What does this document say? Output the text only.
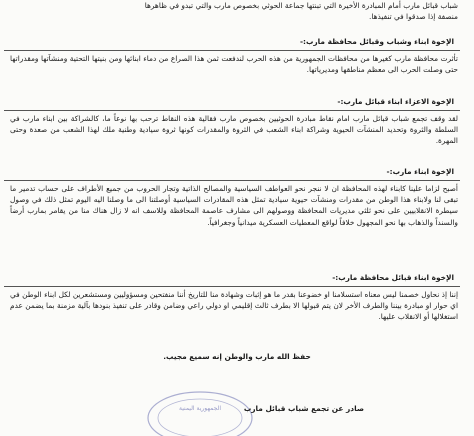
شباب قبائل مارب أمام المبادرة الأخيرة التي تبنتها جماعة الحوثي بخصوص مارب والتي تبدو في ظاهرها

منصفة إذا صدقوا في تنفيذها.

الإخوة ابناء وشباب وقبائل محافظة مارب:-

تأثرت محافظة مارب كغيرها من محافظات الجمهورية من هذه الحرب لندفعت ثمن هذا الصراع من دماء ابنائها ومن بنيتها التحتية ومنشآتها ومقدراتها حتى وصلت الحرب الى معظم مناطقها ومديرياتها.

الإخوة الاعزاء ابناء قبائل مارب:-

لقد وقف تجمع شباب قبائل مارب امام نقاط مبادرة الحوثيين بخصوص مارب فقالية هذه النقاط ترحب بها نوعاً ما، كالشراكة بين ابناء مارب في السلطة والثروة وتحديد المنشآت الحيوية وشراكة ابناء الشعب في الثروة والمقدرات كونها ثروة سيادية وطنية ملك لهذا الشعب من صعدة وحتى المهرة.

الإخوة ابناء مارب:-

أصبح لزاما علينا كابناء لهذه المحافظة ان لا ننجر نحو العواطف السياسية والمصالح الذاتية وتجار الحروب من جميع الأطراف على حساب تدمير ما تبقى لنا ولابناء هذا الوطن من مقدرات ومنشآت حيوية سيادية تمثل هذه المقادرات السياسية أوصلتنا الى ما وصلنا اليه اليوم تمثل ذلك في وصول سيطرة الانقلابيين على نحو ثلثي مديريات المحافظة ووصولهم الى مشارف عاصمة المحافظة وللاسف انه لا زال هناك منا من يقامر بمارب أرضاً والسنداً والذهاب بها نحو المجهول خلافاً لواقع المعطيات العسكرية ميدانياً وجغرافياً.

الإخوة ابناء قبائل محافظة مارب:-

إننا إذ نحاول خصمنا ليس معناه استسلامنا او خضوعنا بقدر ما هو إثبات وشهادة منا للتاريخ أننا منفتحين ومسؤوليين ومستشعرين لكل ابناء الوطن في اي حوار او مبادرة بيننا والطرف الأخر لان يتم قبولها الا بطرف ثالث إقليمي او دولي راعي وضامن وقادر على تنفيذ بنودها بآلية مزمنة بما يضمن عدم استغلالها أو الانقلاب عليها.

حفظ الله مارب والوطن إنه سميع مجيب.
الجمهورية اليمنية	صادر عن تجمع شباب قبائل مارب
